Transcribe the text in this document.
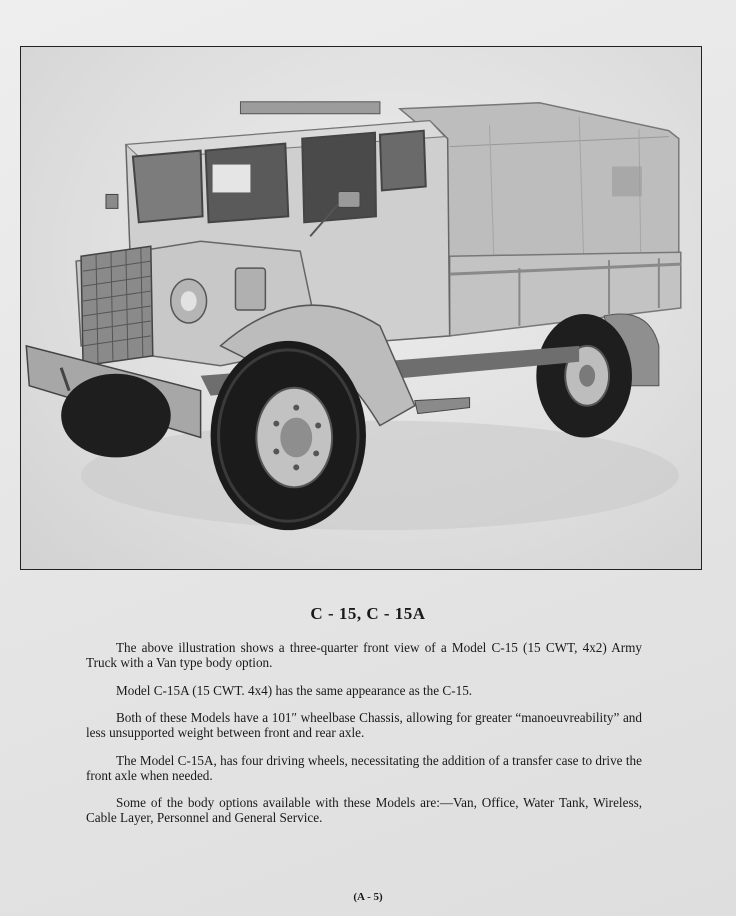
C - 15, C - 15A

The above illustration shows a three-quarter front view of a Model C-15 (15 CWT, 4x2) Army Truck with a Van type body option.

Model C-15A (15 CWT. 4x4) has the same appearance as the C-15.

Both of these Models have a 101″ wheelbase Chassis, allowing for greater “manoeuvreability” and less unsupported weight between front and rear axle.

The Model C-15A, has four driving wheels, necessitating the addition of a transfer case to drive the front axle when needed.

Some of the body options available with these Models are:—Van, Office, Water Tank, Wireless, Cable Layer, Personnel and General Service.

(A - 5)
